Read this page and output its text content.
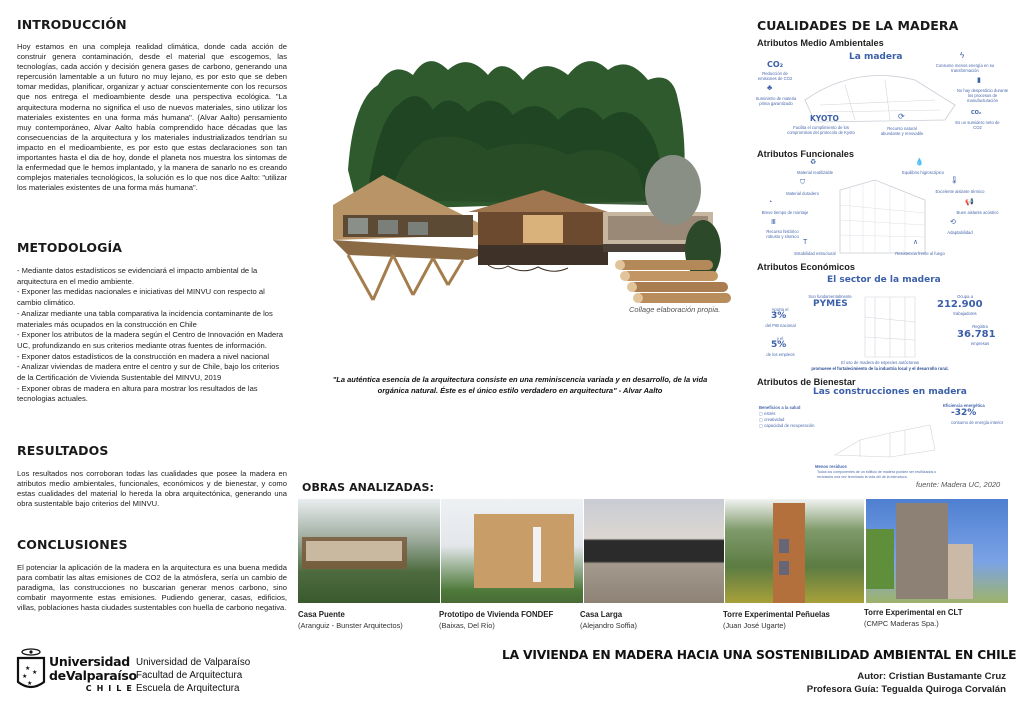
INTRODUCCIÓN

Hoy estamos en una compleja realidad climática, donde cada acción de construir genera contaminación, desde el material que escogemos, las tecnologías, cada acción y decisión genera gases de carbono, generando una repercusión lamentable a un futuro no muy lejano, es por esto que se deben tomar medidas, planificar, organizar y actuar conscientemente con los recursos que nos entrega el medioambiente desde una perspectiva ecológica. "La arquitectura moderna no significa el uso de nuevos materiales, sino utilizar los materiales existentes en una forma más humana". (Alvar Aalto) pensamiento muy contemporáneo, Alvar Aalto había comprendido hace décadas que las consecuencias de la arquitectura y los materiales industrializados tendrían su impacto en el medioambiente, es por esto que estas declaraciones son tan importantes hasta el dia de hoy, donde el planeta nos muestra los sintomas de la enfermedad que le hemos implantado, y la manera de sanarlo no es creando complejos materiales tecnológicos, la solución es lo que nos dice Aalto: "utilizar los materiales existentes de una forma más humana".

METODOLOGÍA
- Mediante datos estadísticos se evidenciará el impacto ambiental de la arquitectura en el medio ambiente.
- Exponer las medidas nacionales e iniciativas del MINVU con respecto al cambio climático.
- Analizar mediante una tabla comparativa la incidencia contaminante de los materiales más ocupados en la construcción en Chile
- Exponer los atributos de la madera según el Centro de Innovación en Madera UC, profundizando en sus criterios mediante otras fuentes de información.
- Exponer datos estadísticos de la construcción en madera a nivel nacional
- Analizar viviendas de madera entre el centro y sur de Chile, bajo los criterios de la Certificación de Vivienda Sustentable del MINVU, 2019
- Exponer obras de madera en altura para mostrar los resultados de las tecnologias actuales.
RESULTADOS

Los resultados nos corroboran todas las cualidades que posee la madera en atributos medio ambientales, funcionales, económicos y de bienestar, y como estas cualidades del material lo hereda la obra arquitectónica, generando una obra sustentable bajo criterios del MINVU.

CONCLUSIONES

El potenciar la aplicación de la madera en la arquitectura es una buena medida para combatir las altas emisiones de CO2 de la atmósfera, sería un cambio de paradigma, las construcciones no buscarian generar menos carbono, sino combatir mayormente estas emisiones. Pudiendo generar, casas, edificios, villas, poblaciones hasta ciudades sustentables con huella de carbono negativa.

Collage elaboración propia.
"La auténtica esencia de la arquitectura consiste en una reminiscencia variada y en desarrollo, de la vida
orgánica natural. Éste es el único estilo verdadero en arquitectura" - Alvar Aalto
CUALIDADES DE LA MADERA
Atributos Medio Ambientales
La madera
CO₂
Reducción de emisiones de CO2
♣
Suministro de materia prima garantizado
KYOTO
Facilita el cumplimiento de los compromisos del protocolo de Kyoto
⟳
Recurso natural abundante y renovable
ϟ
Consume menos energía en su transformación
▮
No hay desperdicio durante los procesos de manufacturación
CO₂
Es un sumidero neto de CO2
Atributos Funcionales
♻
Material reutilizable
⛉
Material duradero
◔
Breve tiempo de montaje
Ⅲ
Recurso histórico robusto y sísmico
T
Estabilidad estructural
💧
Equilibrio higroscópico
🌡
Excelente aislante térmico
📢
Buen aislante acústico
⟲
Adaptabilidad
∧
Resistencia frente al fuego
Atributos Económicos
El sector de la madera
Son fundamentalmente
PYMES
Aporta el
3%
del PIB nacional
y el
5%
de los empleos
Ocupa a
212.900
trabajadores
Registra
36.781
empresas
El uso de madera de especies autóctonas
promueve el fortalecimiento de la industria local y el desarrollo rural.
Atributos de Bienestar
Las construcciones en madera
Beneficios a la salud
▢ estrés
▢ creatividad
▢ capacidad de recuperación
Eficiencia energética
-32%
consumo de energía interior
Menos residuos
Todos los componentes de un edificio de madera pueden ser reutilizados o reciclados una vez terminado la vida útil de la estructura.
fuente: Madera UC, 2020
OBRAS ANALIZADAS:
Casa Puente
(Aranguiz - Bunster Arquitectos)
Prototipo de Vivienda FONDEF
(Baixas, Del Río)
Casa Larga
(Alejandro Soffia)
Torre Experimental Peñuelas
(Juan José Ugarte)
Torre Experimental en CLT
(CMPC Maderas Spa.)
★
★
★
★
Universidad
deValparaíso
CHILE
Universidad de Valparaíso
Facultad de Arquitectura
Escuela de Arquitectura
LA VIVIENDA EN MADERA HACIA UNA SOSTENIBILIDAD AMBIENTAL EN CHILE
Autor: Cristian Bustamante Cruz
Profesora Guía: Tegualda Quiroga Corvalán
